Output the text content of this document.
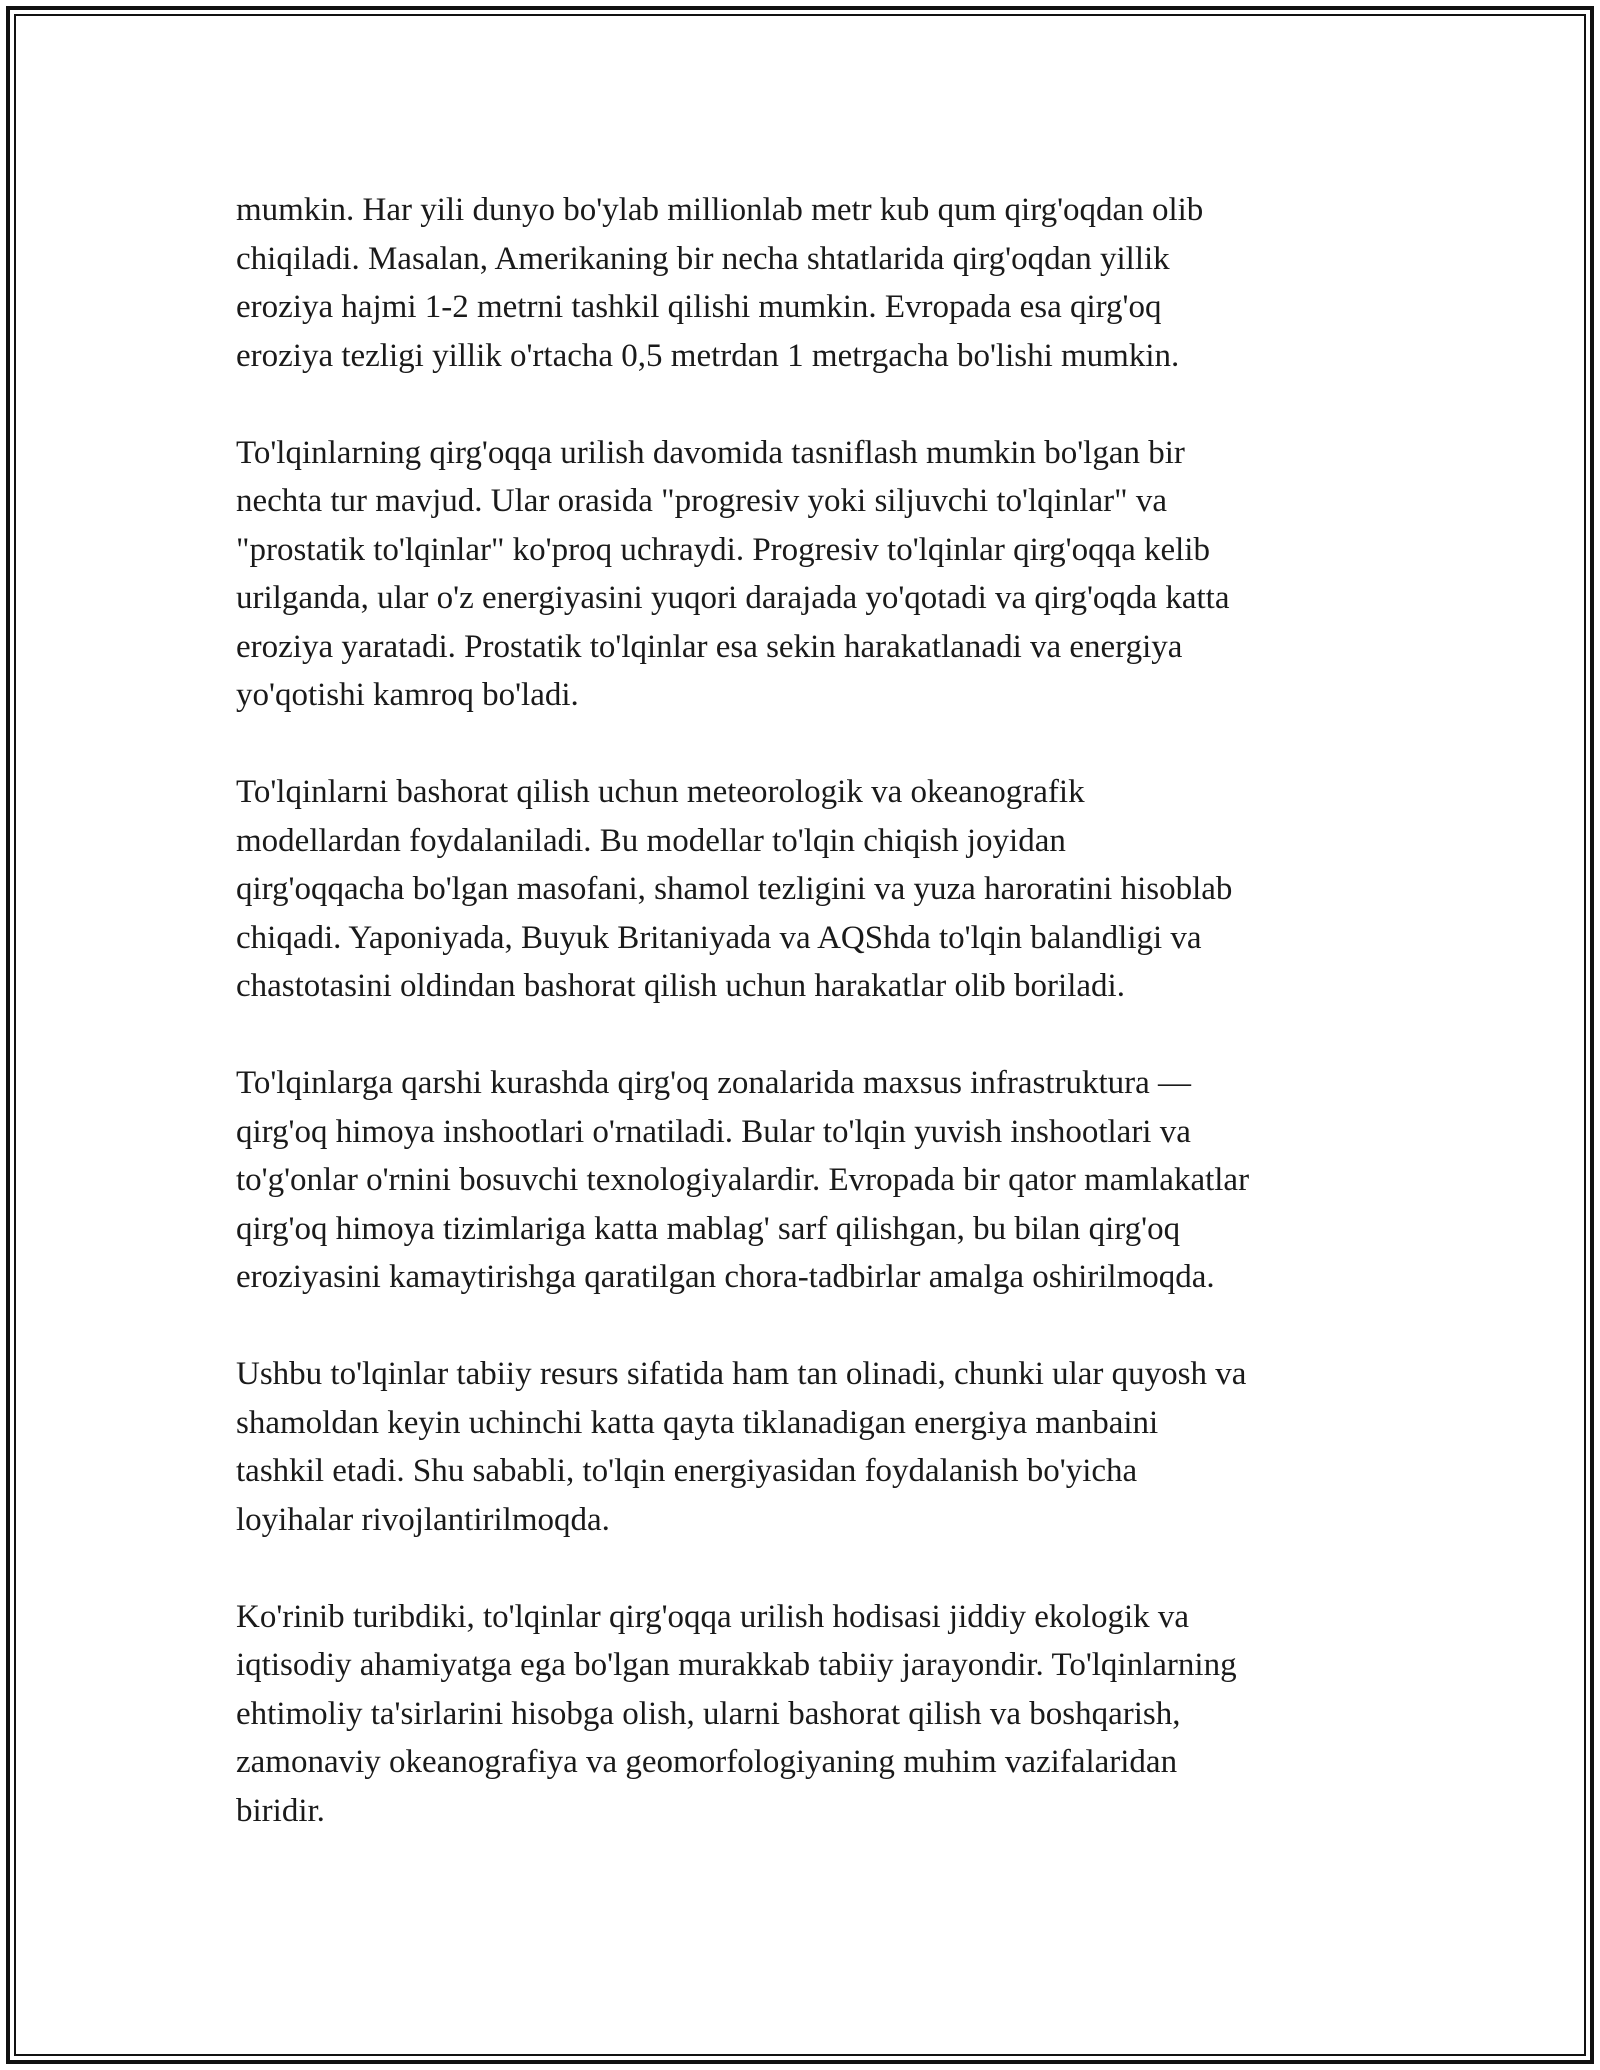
mumkin. Har yili dunyo bo'ylab millionlab metr kub qum qirg'oqdan olib
chiqiladi. Masalan, Amerikaning bir necha shtatlarida qirg'oqdan yillik
eroziya hajmi 1-2 metrni tashkil qilishi mumkin. Evropada esa qirg'oq
eroziya tezligi yillik o'rtacha 0,5 metrdan 1 metrgacha bo'lishi mumkin.

To'lqinlarning qirg'oqqa urilish davomida tasniflash mumkin bo'lgan bir
nechta tur mavjud. Ular orasida "progresiv yoki siljuvchi to'lqinlar" va
"prostatik to'lqinlar" ko'proq uchraydi. Progresiv to'lqinlar qirg'oqqa kelib
urilganda, ular o'z energiyasini yuqori darajada yo'qotadi va qirg'oqda katta
eroziya yaratadi. Prostatik to'lqinlar esa sekin harakatlanadi va energiya
yo'qotishi kamroq bo'ladi.

To'lqinlarni bashorat qilish uchun meteorologik va okeanografik
modellardan foydalaniladi. Bu modellar to'lqin chiqish joyidan
qirg'oqqacha bo'lgan masofani, shamol tezligini va yuza haroratini hisoblab
chiqadi. Yaponiyada, Buyuk Britaniyada va AQShda to'lqin balandligi va
chastotasini oldindan bashorat qilish uchun harakatlar olib boriladi.

To'lqinlarga qarshi kurashda qirg'oq zonalarida maxsus infrastruktura —
qirg'oq himoya inshootlari o'rnatiladi. Bular to'lqin yuvish inshootlari va
to'g'onlar o'rnini bosuvchi texnologiyalardir. Evropada bir qator mamlakatlar
qirg'oq himoya tizimlariga katta mablag' sarf qilishgan, bu bilan qirg'oq
eroziyasini kamaytirishga qaratilgan chora-tadbirlar amalga oshirilmoqda.

Ushbu to'lqinlar tabiiy resurs sifatida ham tan olinadi, chunki ular quyosh va
shamoldan keyin uchinchi katta qayta tiklanadigan energiya manbaini
tashkil etadi. Shu sababli, to'lqin energiyasidan foydalanish bo'yicha
loyihalar rivojlantirilmoqda.

Ko'rinib turibdiki, to'lqinlar qirg'oqqa urilish hodisasi jiddiy ekologik va
iqtisodiy ahamiyatga ega bo'lgan murakkab tabiiy jarayondir. To'lqinlarning
ehtimoliy ta'sirlarini hisobga olish, ularni bashorat qilish va boshqarish,
zamonaviy okeanografiya va geomorfologiyaning muhim vazifalaridan
biridir.
